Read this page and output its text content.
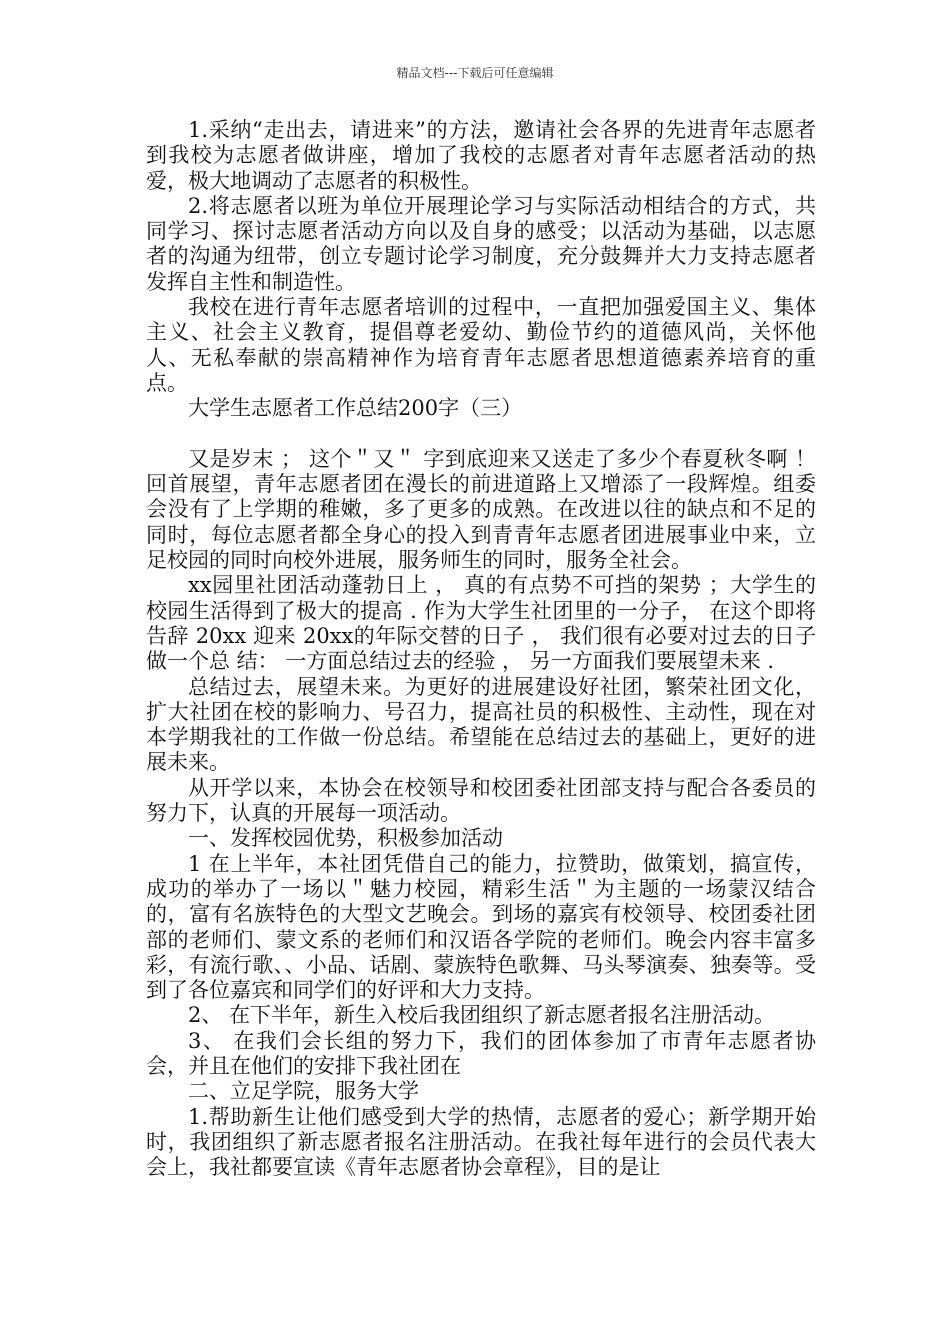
精品文档---下载后可任意编辑

1.采纳“走出去，请进来”的方法，邀请社会各界的先进青年志愿者到我校为志愿者做讲座，增加了我校的志愿者对青年志愿者活动的热爱，极大地调动了志愿者的积极性。

2.将志愿者以班为单位开展理论学习与实际活动相结合的方式，共同学习、探讨志愿者活动方向以及自身的感受；以活动为基础，以志愿者的沟通为纽带，创立专题讨论学习制度，充分鼓舞并大力支持志愿者发挥自主性和制造性。

我校在进行青年志愿者培训的过程中，一直把加强爱国主义、集体主义、社会主义教育，提倡尊老爱幼、勤俭节约的道德风尚，关怀他人、无私奉献的崇高精神作为培育青年志愿者思想道德素养培育的重点。

大学生志愿者工作总结200字（三）

又是岁末 ； 这个＂又＂ 字到底迎来又送走了多少个春夏秋冬啊 ！ 回首展望，青年志愿者团在漫长的前进道路上又增添了一段辉煌。组委会没有了上学期的稚嫩，多了更多的成熟。在改进以往的缺点和不足的同时，每位志愿者都全身心的投入到青青年志愿者团进展事业中来，立足校园的同时向校外进展，服务师生的同时，服务全社会。

xx园里社团活动蓬勃日上 ， 真的有点势不可挡的架势 ；大学生的校园生活得到了极大的提高 . 作为大学生社团里的一分子， 在这个即将告辞 20xx 迎来 20xx的年际交替的日子 ， 我们很有必要对过去的日子做一个总 结： 一方面总结过去的经验 ， 另一方面我们要展望未来 .

总结过去，展望未来。为更好的进展建设好社团，繁荣社团文化，扩大社团在校的影响力、号召力，提高社员的积极性、主动性，现在对本学期我社的工作做一份总结。希望能在总结过去的基础上，更好的进展未来。

从开学以来，本协会在校领导和校团委社团部支持与配合各委员的努力下，认真的开展每一项活动。

一、发挥校园优势，积极参加活动

1 在上半年，本社团凭借自己的能力，拉赞助，做策划，搞宣传，成功的举办了一场以＂魅力校园，精彩生活＂为主题的一场蒙汉结合的，富有名族特色的大型文艺晚会。到场的嘉宾有校领导、校团委社团部的老师们、蒙文系的老师们和汉语各学院的老师们。晚会内容丰富多彩，有流行歌、、小品、话剧、蒙族特色歌舞、马头琴演奏、独奏等。受到了各位嘉宾和同学们的好评和大力支持。

2、 在下半年，新生入校后我团组织了新志愿者报名注册活动。

3、 在我们会长组的努力下，我们的团体参加了市青年志愿者协会，并且在他们的安排下我社团在

二、立足学院，服务大学

1.帮助新生让他们感受到大学的热情，志愿者的爱心；新学期开始时，我团组织了新志愿者报名注册活动。在我社每年进行的会员代表大会上，我社都要宣读《青年志愿者协会章程》，目的是让
